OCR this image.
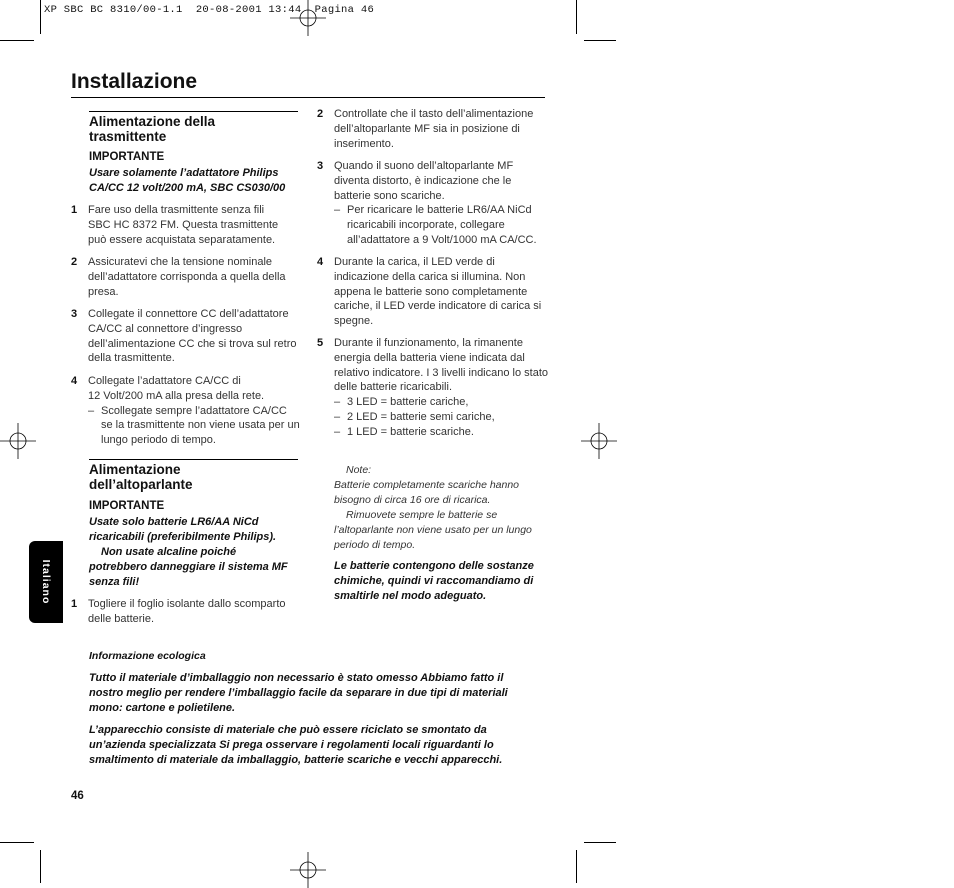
XP SBC BC 8310/00-1.1  20-08-2001 13:44  Pagina 46
Installazione
Alimentazione della
trasmittente
IMPORTANTE
Usare solamente l’adattatore Philips
CA/CC 12 volt/200 mA, SBC CS030/00
1 Fare uso della trasmittente senza fili
SBC HC 8372 FM. Questa trasmittente
può essere acquistata separatamente.
2 Assicuratevi che la tensione nominale
dell’adattatore corrisponda a quella della
presa.
3 Collegate il connettore CC dell’adattatore
CA/CC al connettore d’ingresso
dell’alimentazione CC che si trova sul retro
della trasmittente.
4 Collegate l’adattatore CA/CC di
12 Volt/200 mA alla presa della rete.
– Scollegate sempre l’adattatore CA/CC
se la trasmittente non viene usata per un
lungo periodo di tempo.
Alimentazione
dell’altoparlante
IMPORTANTE
Usate solo batterie LR6/AA NiCd
ricaricabili (preferibilmente Philips).
Non usate alcaline poiché
potrebbero danneggiare il sistema MF
senza fili!
1 Togliere il foglio isolante dallo scomparto
delle batterie.
2 Controllate che il tasto dell’alimentazione
dell’altoparlante MF sia in posizione di
inserimento.
3 Quando il suono dell’altoparlante MF
diventa distorto, è indicazione che le
batterie sono scariche.
– Per ricaricare le batterie LR6/AA NiCd
ricaricabili incorporate, collegare
all’adattatore a 9 Volt/1000 mA CA/CC.
4 Durante la carica, il LED verde di
indicazione della carica si illumina. Non
appena le batterie sono completamente
cariche, il LED verde indicatore di carica si
spegne.
5 Durante il funzionamento, la rimanente
energia della batteria viene indicata dal
relativo indicatore. I 3 livelli indicano lo stato
delle batterie ricaricabili.
– 3 LED = batterie cariche,
– 2 LED = batterie semi cariche,
– 1 LED = batterie scariche.
Note:
Batterie completamente scariche hanno
bisogno di circa 16 ore di ricarica.
Rimuovete sempre le batterie se
l’altoparlante non viene usato per un lungo
periodo di tempo.
Le batterie contengono delle sostanze
chimiche, quindi vi raccomandiamo di
smaltirle nel modo adeguato.
Informazione ecologica
Tutto il materiale d’imballaggio non necessario è stato omesso Abbiamo fatto il
nostro meglio per rendere l’imballaggio facile da separare in due tipi di materiali
mono: cartone e polietilene.
L’apparecchio consiste di materiale che può essere riciclato se smontato da
un’azienda specializzata Si prega osservare i regolamenti locali riguardanti lo
smaltimento di materiale da imballaggio, batterie scariche e vecchi apparecchi.
Italiano
46
